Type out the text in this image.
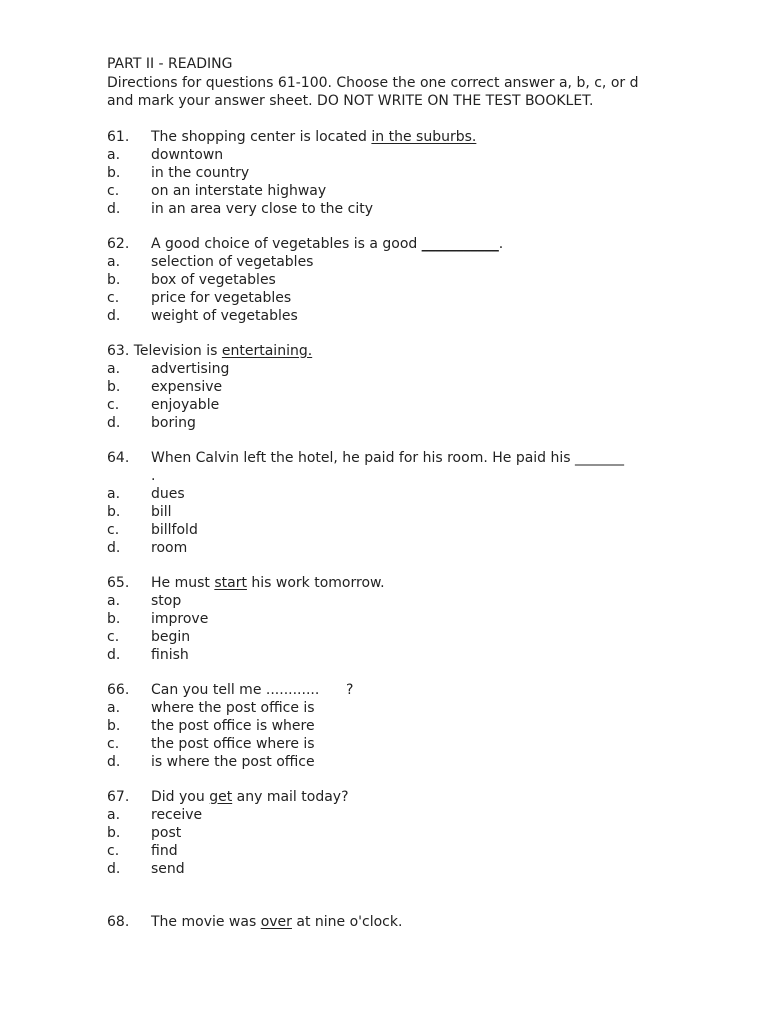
PART II - READING
Directions for questions 61-100. Choose the one correct answer a, b, c, or d
and mark your answer sheet. DO NOT WRITE ON THE TEST BOOKLET.
61.	The shopping center is located in the suburbs.
a.	downtown
b.	in the country
c.	on an interstate highway
d.	in an area very close to the city
62.	A good choice of vegetables is a good ___________.
a.	selection of vegetables
b.	box of vegetables
c.	price for vegetables
d.	weight of vegetables
63. Television is entertaining.
a.	advertising
b.	expensive
c.	enjoyable
d.	boring
64.	When Calvin left the hotel, he paid for his room. He paid his _______
.
a.	dues
b.	bill
c.	billfold
d.	room
65.	He must start his work tomorrow.
a.	stop
b.	improve
c.	begin
d.	finish
66.	Can you tell me ............      ?
a.	where the post office is
b.	the post office is where
c.	the post office where is
d.	is where the post office
67.	Did you get any mail today?
a.	receive
b.	post
c.	find
d.	send
68.	The movie was over at nine o'clock.
